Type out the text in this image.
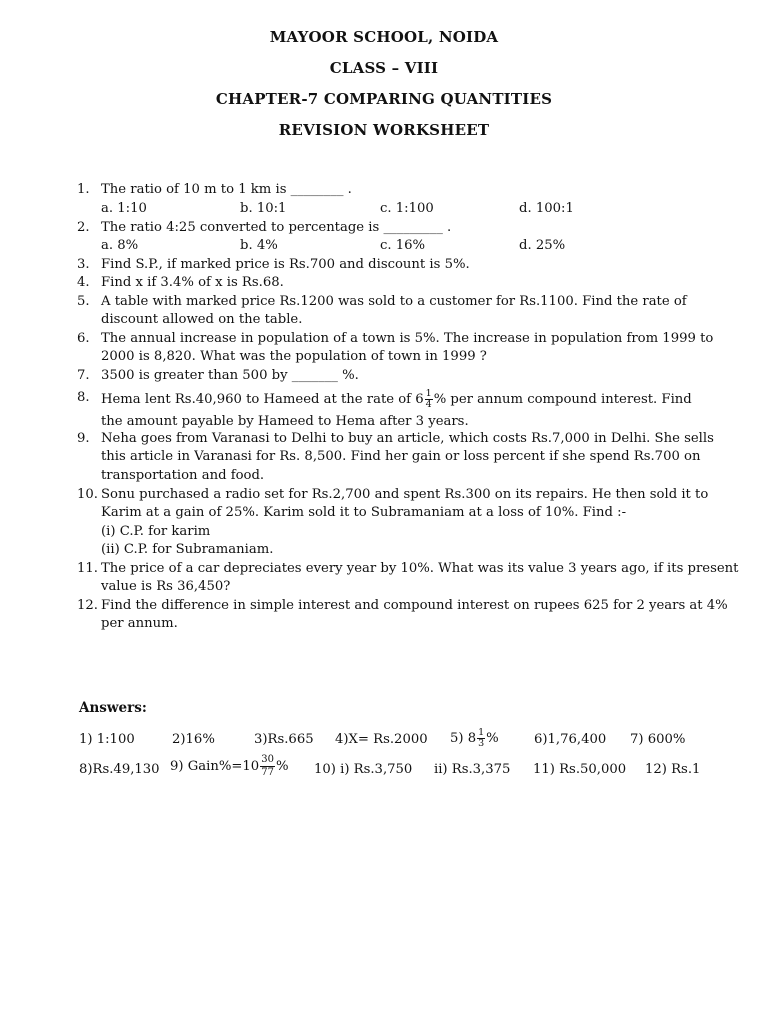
MAYOOR SCHOOL, NOIDA
CLASS – VIII
CHAPTER-7 COMPARING QUANTITIES
REVISION WORKSHEET
1. The ratio of 10 m to 1 km is ________ .
a. 1:10	b. 10:1	c. 1:100	d. 100:1
2. The ratio 4:25 converted to percentage is _________ .
a. 8%	b. 4%	c. 16%	d. 25%
3. Find S.P., if marked price is Rs.700 and discount is 5%.
4. Find x if 3.4% of x is Rs.68.
5. A table with marked price Rs.1200 was sold to a customer for Rs.1100. Find the rate of
discount allowed on the table.
6. The annual increase in population of a town is 5%. The increase in population from 1999 to
2000 is 8,820. What was the population of town in 1999 ?
7. 3500 is greater than 500 by _______ %.
8. Hema lent Rs.40,960 to Hameed at the rate of $6 \frac{1}{4}$ % per annum compound interest. Find
the amount payable by Hameed to Hema after 3 years.
9. Neha goes from Varanasi to Delhi to buy an article, which costs Rs.7,000 in Delhi. She sells
this article in Varanasi for Rs. 8,500. Find her gain or loss percent if she spend Rs.700 on
transportation and food.
10. Sonu purchased a radio set for Rs.2,700 and spent Rs.300 on its repairs. He then sold it to
Karim at a gain of 25%. Karim sold it to Subramaniam at a loss of 10%. Find :-
(i) C.P. for karim
(ii) C.P. for Subramaniam.
11. The price of a car depreciates every year by 10%. What was its value 3 years ago, if its present
value is Rs 36,450?
12. Find the difference in simple interest and compound interest on rupees 625 for 2 years at 4%
per annum.
Answers:
1) 1:100	2)16%	3)Rs.665 4)X= Rs.2000 5) $8 \frac{1}{3}$ %	6)1,76,400 7) 600%
8)Rs.49,130 9) Gain%=10 $\frac{30}{77}$ % 10) i) Rs.3,750 ii) Rs.3,375 11) Rs.50,000 12) Rs.1
